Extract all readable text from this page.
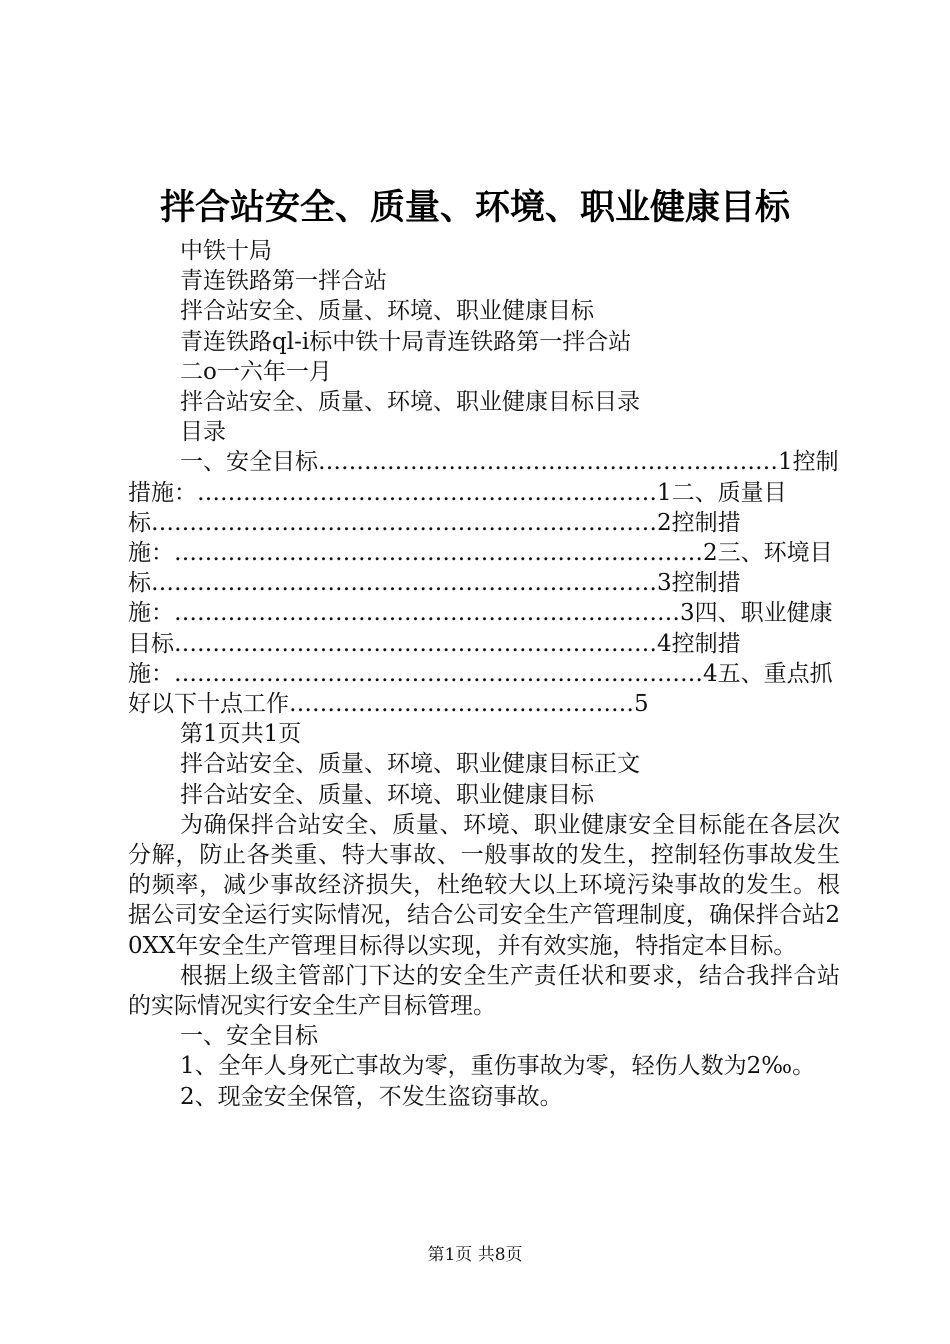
拌合站安全、质量、环境、职业健康目标
中铁十局
青连铁路第一拌合站
拌合站安全、质量、环境、职业健康目标
青连铁路ql-i标中铁十局青连铁路第一拌合站
二o一六年一月
拌合站安全、质量、环境、职业健康目标目录
目录
一、安全目标……………………………………………………1控制措施：……………………………………………………1二、质量目标…………………………………………………………2控制措施：……………………………………………………………2三、环境目标…………………………………………………………3控制措施：…………………………………………………………3四、职业健康目标………………………………………………………4控制措施：……………………………………………………………4五、重点抓好以下十点工作………………………………………5
第1页共1页
拌合站安全、质量、环境、职业健康目标正文
拌合站安全、质量、环境、职业健康目标
为确保拌合站安全、质量、环境、职业健康安全目标能在各层次分解，防止各类重、特大事故、一般事故的发生，控制轻伤事故发生的频率，减少事故经济损失，杜绝较大以上环境污染事故的发生。根据公司安全运行实际情况，结合公司安全生产管理制度，确保拌合站20XX年安全生产管理目标得以实现，并有效实施，特指定本目标。
根据上级主管部门下达的安全生产责任状和要求，结合我拌合站的实际情况实行安全生产目标管理。
一、安全目标
1、全年人身死亡事故为零，重伤事故为零，轻伤人数为2‰。
2、现金安全保管，不发生盗窃事故。
第1页 共8页
